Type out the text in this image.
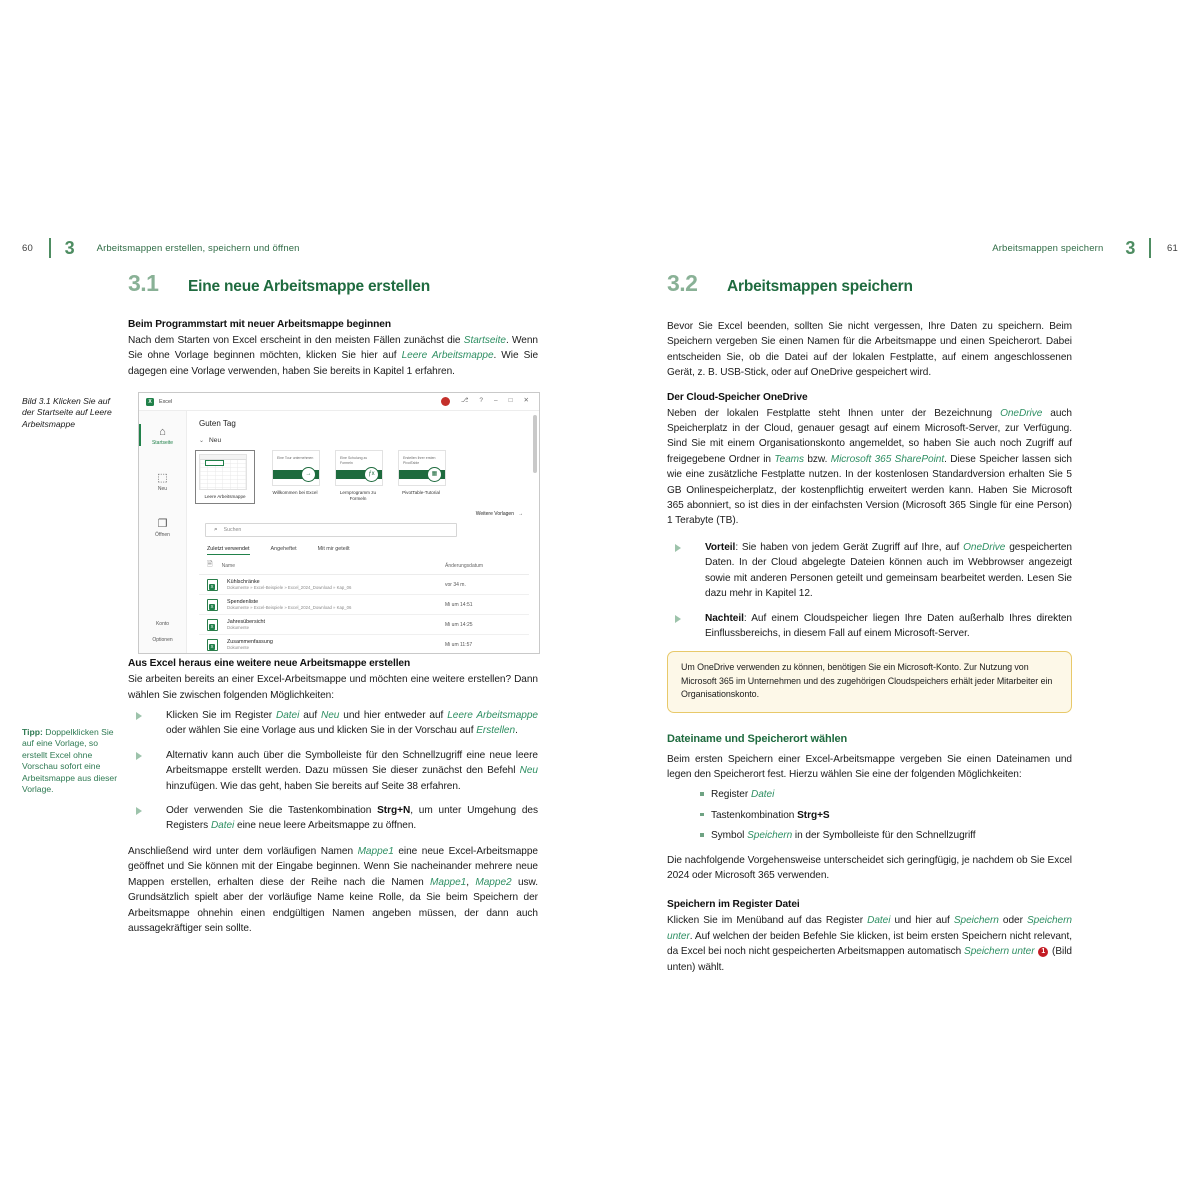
60 3 Arbeitsmappen erstellen, speichern und öffnen	Arbeitsmappen speichern 3	61
Bild 3.1 Klicken Sie auf der Startseite auf Leere Arbeitsmappe
Tipp: Doppelklicken Sie auf eine Vorlage, so erstellt Excel ohne Vorschau sofort eine Arbeitsmappe aus dieser Vorlage.
3.1	Eine neue Arbeitsmappe erstellen
Beim Programmstart mit neuer Arbeitsmappe beginnen

Nach dem Starten von Excel erscheint in den meisten Fällen zunächst die Startseite. Wenn Sie ohne Vorlage beginnen möchten, klicken Sie hier auf Leere Arbeitsmappe. Wie Sie dagegen eine Vorlage verwenden, haben Sie bereits in Kapitel 1 erfahren.

Aus Excel heraus eine weitere neue Arbeitsmappe erstellen

Sie arbeiten bereits an einer Excel-Arbeitsmappe und möchten eine weitere erstellen? Dann wählen Sie zwischen folgenden Möglichkeiten:

Klicken Sie im Register Datei auf Neu und hier entweder auf Leere Arbeitsmappe oder wählen Sie eine Vorlage aus und klicken Sie in der Vorschau auf Erstellen.
Alternativ kann auch über die Symbolleiste für den Schnellzugriff eine neue leere Arbeitsmappe erstellt werden. Dazu müssen Sie dieser zunächst den Befehl Neu hinzufügen. Wie das geht, haben Sie bereits auf Seite 38 erfahren.
Oder verwenden Sie die Tastenkombination Strg+N, um unter Umgehung des Registers Datei eine neue leere Arbeitsmappe zu öffnen.

Anschließend wird unter dem vorläufigen Namen Mappe1 eine neue Excel-Arbeitsmappe geöffnet und Sie können mit der Eingabe beginnen. Wenn Sie nacheinander mehrere neue Mappen erstellen, erhalten diese der Reihe nach die Namen Mappe1, Mappe2 usw. Grundsätzlich spielt aber der vorläufige Name keine Rolle, da Sie beim Speichern der Arbeitsmappe ohnehin einen endgültigen Namen angeben müssen, der dann auch aussagekräftiger sein sollte.

3.2	Arbeitsmappen speichern

Bevor Sie Excel beenden, sollten Sie nicht vergessen, Ihre Daten zu speichern. Beim Speichern vergeben Sie einen Namen für die Arbeitsmappe und einen Speicherort. Dabei entscheiden Sie, ob die Datei auf der lokalen Festplatte, auf einem angeschlossenen Gerät, z. B. USB-Stick, oder auf OneDrive gespeichert wird.

Der Cloud-Speicher OneDrive

Neben der lokalen Festplatte steht Ihnen unter der Bezeichnung OneDrive auch Speicherplatz in der Cloud, genauer gesagt auf einem Microsoft-Server, zur Verfügung. Sind Sie mit einem Organisationskonto angemeldet, so haben Sie auch noch Zugriff auf freigegebene Ordner in Teams bzw. Microsoft 365 SharePoint. Diese Speicher lassen sich wie eine zusätzliche Festplatte nutzen. In der kostenlosen Standardversion erhalten Sie 5 GB Onlinespeicherplatz, der kostenpflichtig erweitert werden kann. Haben Sie Microsoft 365 abonniert, so ist dies in der einfachsten Version (Microsoft 365 Single für eine Person) 1 Terabyte (TB).

Vorteil: Sie haben von jedem Gerät Zugriff auf Ihre, auf OneDrive gespeicherten Daten. In der Cloud abgelegte Dateien können auch im Webbrowser angezeigt sowie mit anderen Personen geteilt und gemeinsam bearbeitet werden. Lesen Sie dazu mehr in Kapitel 12.
Nachteil: Auf einem Cloudspeicher liegen Ihre Daten außerhalb Ihres direkten Einflussbereichs, in diesem Fall auf einem Microsoft-Server.

Um OneDrive verwenden zu können, benötigen Sie ein Microsoft-Konto. Zur Nutzung von Microsoft 365 im Unternehmen und des zugehörigen Cloudspeichers erhält jeder Mitarbeiter ein Organisationskonto.

Dateiname und Speicherort wählen

Beim ersten Speichern einer Excel-Arbeitsmappe vergeben Sie einen Dateinamen und legen den Speicherort fest. Hierzu wählen Sie eine der folgenden Möglichkeiten:

Register Datei
Tastenkombination Strg+S
Symbol Speichern in der Symbolleiste für den Schnellzugriff

Die nachfolgende Vorgehensweise unterscheidet sich geringfügig, je nachdem ob Sie Excel 2024 oder Microsoft 365 verwenden.

Speichern im Register Datei

Klicken Sie im Menüband auf das Register Datei und hier auf Speichern oder Speichern unter. Auf welchen der beiden Befehle Sie klicken, ist beim ersten Speichern nicht relevant, da Excel bei noch nicht gespeicherten Arbeitsmappen automatisch Speichern unter 1 (Bild unten) wählt.

X	Excel	⎇ ? – □ ✕
⌂
Startseite
⬚
Neu
❐
Öffnen
Konto
Optionen
Guten Tag
⌄ Neu
Leere Arbeitsmappe
Eine Tour unternehmen
→
Willkommen bei Excel
Eine Schulung zu Formeln
ƒx
Lernprogramm zu Formeln
Erstellen Ihrer ersten PivotTable
▦
PivotTable-Tutorial
Weitere Vorlagen →
⌕ Suchen
Zuletzt verwendet	Angeheftet	Mit mir geteilt
🗎 Name	Änderungsdatum
X
Kühlschränke
Dokumente » Excel-Beispiele » Excel_2024_Download » Kap_06	vor 34 m.
X
Spendenliste
Dokumente » Excel-Beispiele » Excel_2024_Download » Kap_06	Mi um 14:51
X
Jahresübersicht
Dokumente	Mi um 14:25
X
Zusammenfassung
Dokumente	Mi um 11:57
